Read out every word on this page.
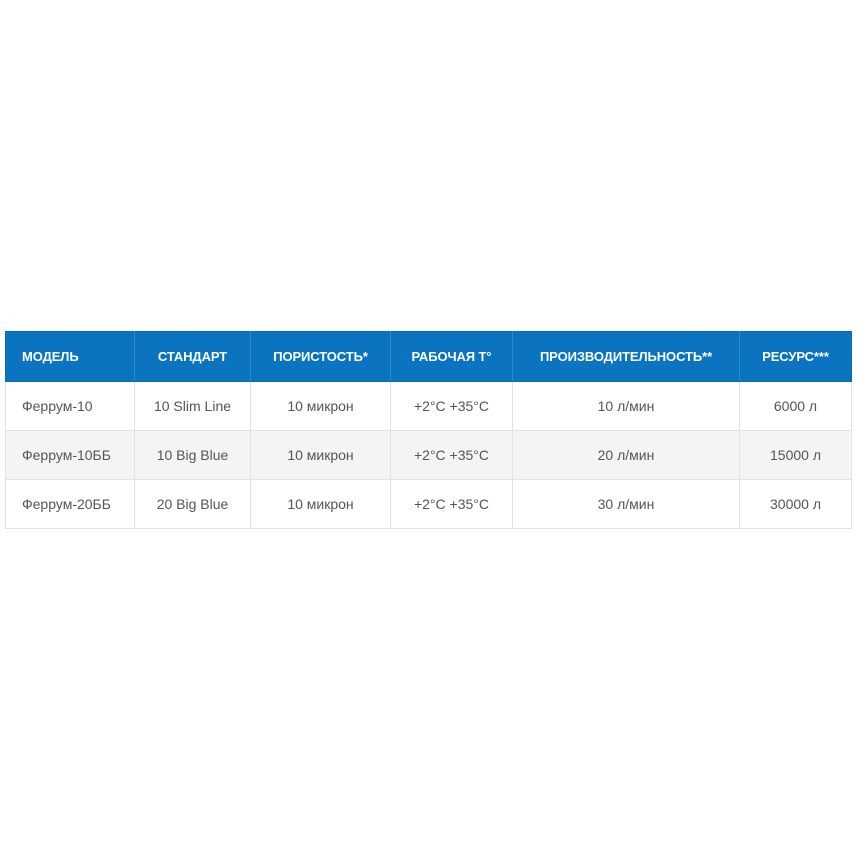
МОДЕЛЬ	СТАНДАРТ	ПОРИСТОСТЬ*	РАБОЧАЯ Т°	ПРОИЗВОДИТЕЛЬНОСТЬ**	РЕСУРС***
Феррум-10	10 Slim Line	10 микрон	+2°С +35°С	10 л/мин	6000 л
Феррум-10ББ	10 Big Blue	10 микрон	+2°С +35°С	20 л/мин	15000 л
Феррум-20ББ	20 Big Blue	10 микрон	+2°С +35°С	30 л/мин	30000 л
